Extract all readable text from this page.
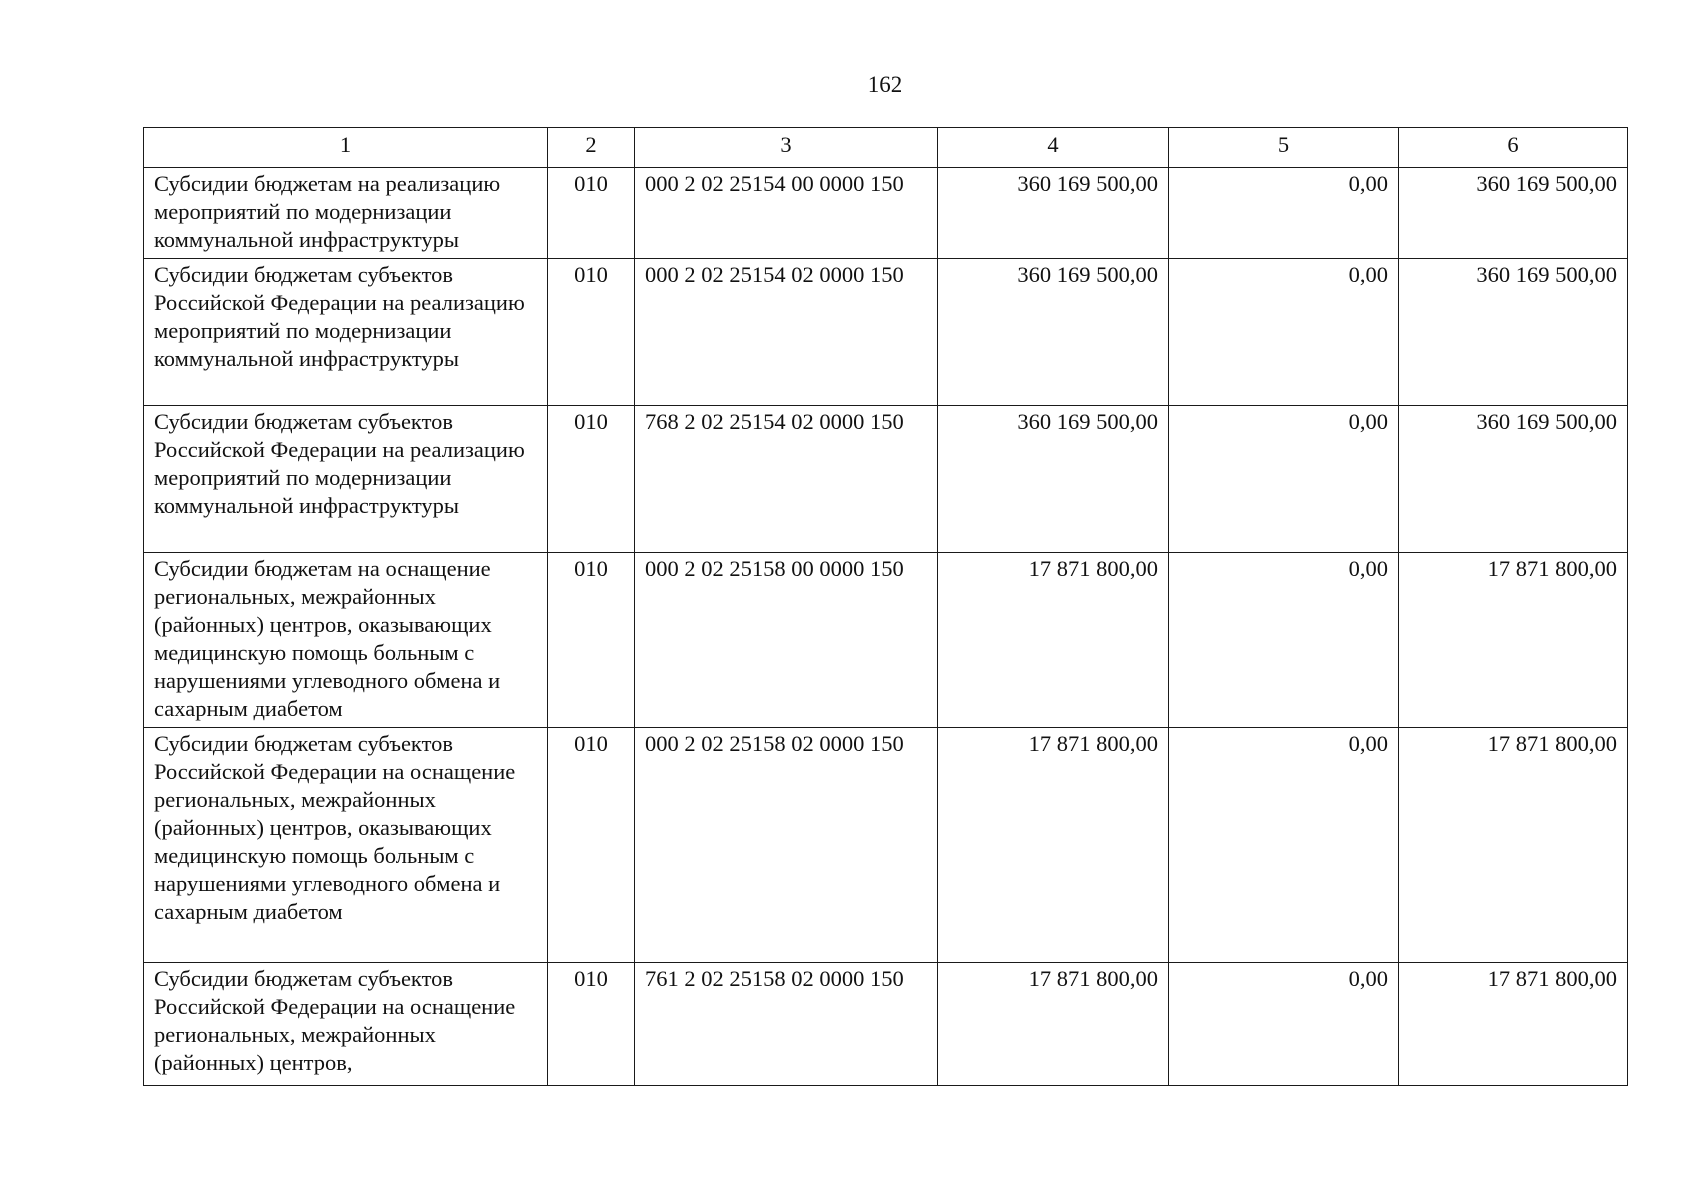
162
1	2	3	4	5	6
Субсидии бюджетам на реализацию мероприятий по модернизации коммунальной инфраструктуры	010	000 2 02 25154 00 0000 150	360 169 500,00	0,00	360 169 500,00
Субсидии бюджетам субъектов Российской Федерации на реализацию мероприятий по модернизации коммунальной инфраструктуры	010	000 2 02 25154 02 0000 150	360 169 500,00	0,00	360 169 500,00
Субсидии бюджетам субъектов Российской Федерации на реализацию мероприятий по модернизации коммунальной инфраструктуры	010	768 2 02 25154 02 0000 150	360 169 500,00	0,00	360 169 500,00
Субсидии бюджетам на оснащение региональных, межрайонных (районных) центров, оказывающих медицинскую помощь больным с нарушениями углеводного обмена и сахарным диабетом	010	000 2 02 25158 00 0000 150	17 871 800,00	0,00	17 871 800,00
Субсидии бюджетам субъектов Российской Федерации на оснащение региональных, межрайонных (районных) центров, оказывающих медицинскую помощь больным с нарушениями углеводного обмена и сахарным диабетом	010	000 2 02 25158 02 0000 150	17 871 800,00	0,00	17 871 800,00
Субсидии бюджетам субъектов Российской Федерации на оснащение региональных, межрайонных (районных) центров,	010	761 2 02 25158 02 0000 150	17 871 800,00	0,00	17 871 800,00
